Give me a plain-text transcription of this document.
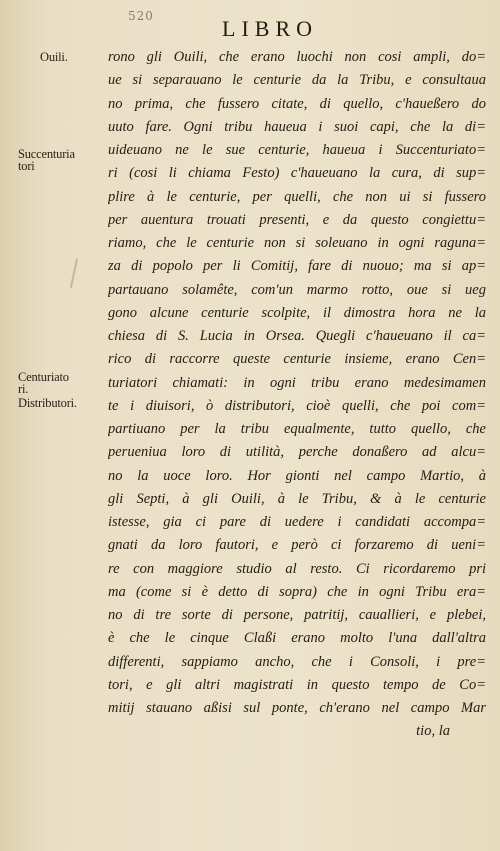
520	LIBRO
Ouili.
Succenturia
tori
Centuriato
ri.
Distributori.
rono gli Ouili, che erano luochi non cosi ampli, do=
ue si separauano le centurie da la Tribu, e consultaua
no prima, che fussero citate, di quello, c'haueßero do
uuto fare. Ogni tribu haueua i suoi capi, che la di=
uideuano ne le sue centurie, haueua i Succenturiato=
ri (cosi li chiama Festo) c'haueuano la cura, di sup=
plire à le centurie, per quelli, che non ui si fussero
per auentura trouati presenti, e da questo congiettu=
riamo, che le centurie non si soleuano in ogni raguna=
za di popolo per li Comitij, fare di nuouo; ma si ap=
partauano solamête, com'un marmo rotto, oue si ueg
gono alcune centurie scolpite, il dimostra hora ne la
chiesa di S. Lucia in Orsea. Quegli c'haueuano il ca=
rico di raccorre queste centurie insieme, erano Cen=
turiatori chiamati: in ogni tribu erano medesimamen
te i diuisori, ò distributori, cioè quelli, che poi com=
partiuano per la tribu equalmente, tutto quello, che
perueniua loro di utilità, perche donaßero ad alcu=
no la uoce loro. Hor gionti nel campo Martio, à
gli Septi, à gli Ouili, à le Tribu, & à le centurie
istesse, gia ci pare di uedere i candidati accompa=
gnati da loro fautori, e però ci forzaremo di ueni=
re con maggiore studio al resto. Ci ricordaremo pri
ma (come si è detto di sopra) che in ogni Tribu era=
no di tre sorte di persone, patritij, cauallieri, e plebei,
è che le cinque Claßi erano molto l'una dall'altra
differenti, sappiamo ancho, che i Consoli, i pre=
tori, e gli altri magistrati in questo tempo de Co=
mitij stauano aßisi sul ponte, ch'erano nel campo Mar
tio, la
